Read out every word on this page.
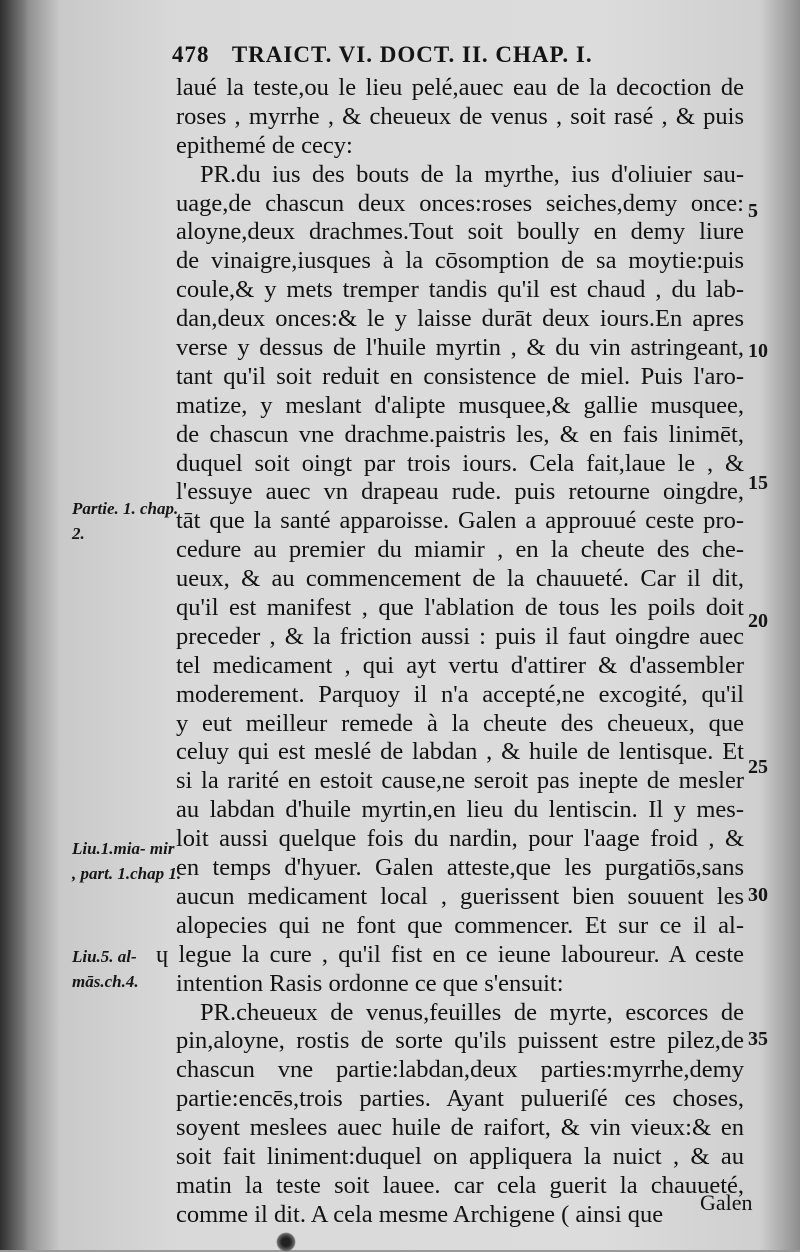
478 TRAICT. VI. DOCT. II. CHAP. I.
laué la teste,ou le lieu pelé,auec eau de la decoction de
roses , myrrhe , & cheueux de venus , soit rasé , & puis
epithemé de cecy:
PR.du ius des bouts de la myrthe, ius d'oliuier sau-
uage,de chascun deux onces:roses seiches,demy once:
aloyne,deux drachmes.Tout soit boully en demy liure
de vinaigre,iusques à la cōsomption de sa moytie:puis
coule,& y mets tremper tandis qu'il est chaud , du lab-
dan,deux onces:& le y laisse durāt deux iours.En apres
verse y dessus de l'huile myrtin , & du vin astringeant,
tant qu'il soit reduit en consistence de miel. Puis l'aro-
matize, y meslant d'alipte musquee,& gallie musquee,
de chascun vne drachme.paistris les, & en fais linimēt,
duquel soit oingt par trois iours. Cela fait,laue le , &
l'essuye auec vn drapeau rude. puis retourne oingdre,
tāt que la santé apparoisse. Galen a approuué ceste pro-
cedure au premier du miamir , en la cheute des che-
ueux, & au commencement de la chauueté. Car il dit,
qu'il est manifest , que l'ablation de tous les poils doit
preceder , & la friction aussi : puis il faut oingdre auec
tel medicament , qui ayt vertu d'attirer & d'assembler
moderement. Parquoy il n'a accepté,ne excogité, qu'il
y eut meilleur remede à la cheute des cheueux, que
celuy qui est meslé de labdan , & huile de lentisque. Et
si la rarité en estoit cause,ne seroit pas inepte de mesler
au labdan d'huile myrtin,en lieu du lentiscin. Il y mes-
loit aussi quelque fois du nardin, pour l'aage froid , &
en temps d'hyuer. Galen atteste,que les purgatiōs,sans
aucun medicament local , guerissent bien souuent les
alopecies qui ne font que commencer. Et sur ce il al-
ɥ legue la cure , qu'il fist en ce ieune laboureur. A ceste
intention Rasis ordonne ce que s'ensuit:
PR.cheueux de venus,feuilles de myrte, escorces de
pin,aloyne, rostis de sorte qu'ils puissent estre pilez,de
chascun vne partie:labdan,deux parties:myrrhe,demy
partie:encēs,trois parties. Ayant pulueriſé ces choses,
soyent meslees auec huile de raifort, & vin vieux:& en
soit fait liniment:duquel on appliquera la nuict , & au
matin la teste soit lauee. car cela guerit la chauueté,
comme il dit. A cela mesme Archigene ( ainsi que
5
10
15
20
25
30
35
Partie. 1. chap. 2.
Liu.1.mia- mir , part. 1.chap 1.
Liu.5. al- mās.ch.4.
Galen
